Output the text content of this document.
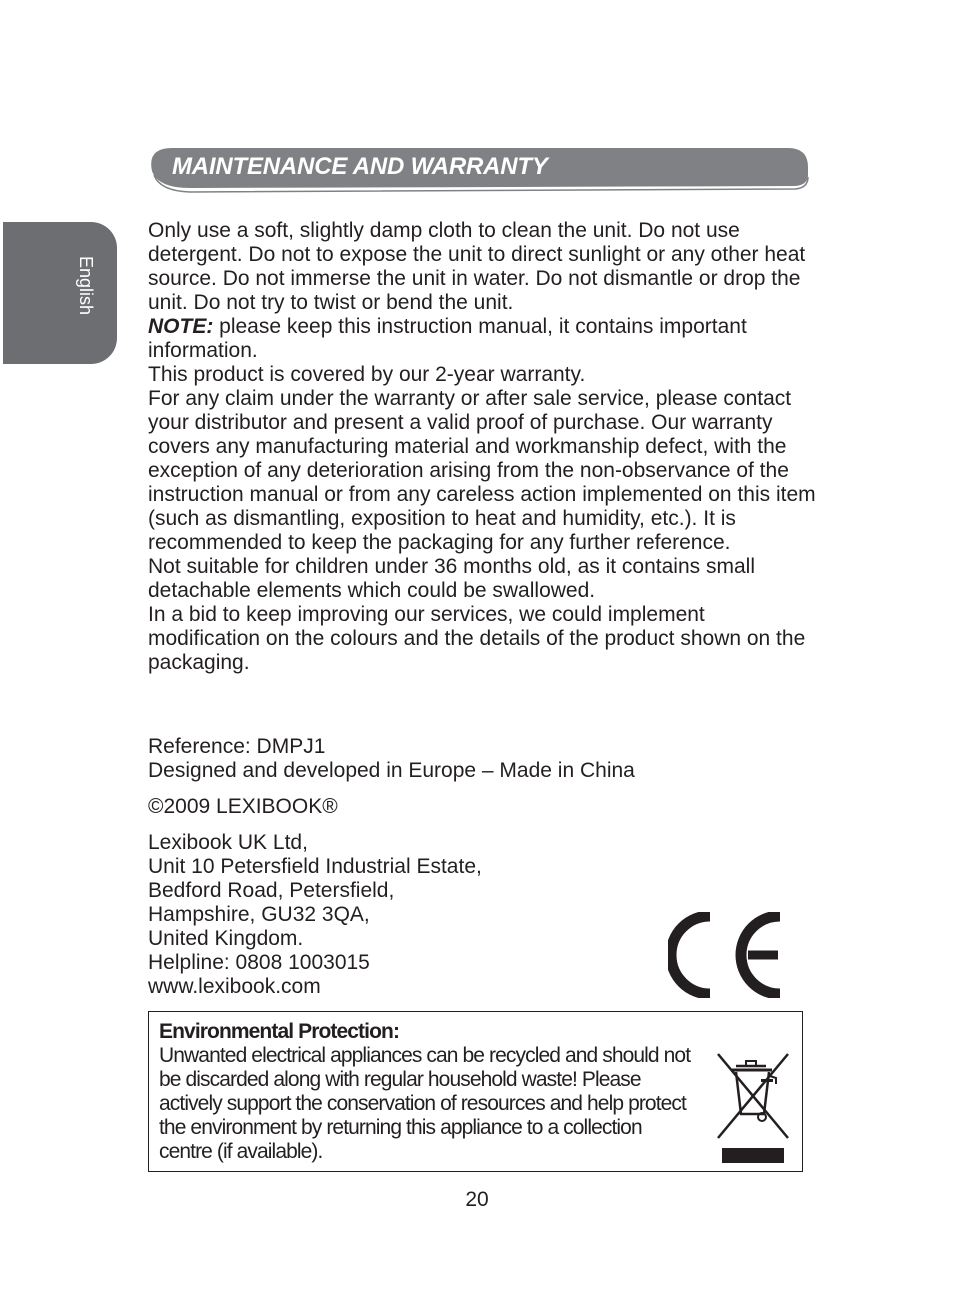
English
MAINTENANCE AND WARRANTY

Only use a soft, slightly damp cloth to clean the unit. Do not use detergent. Do not to expose the unit to direct sunlight or any other heat source. Do not immerse the unit in water. Do not dismantle or drop the unit. Do not try to twist or bend the unit.

NOTE: please keep this instruction manual, it contains important information.

This product is covered by our 2-year warranty.

For any claim under the warranty or after sale service, please contact your distributor and present a valid proof of purchase. Our warranty covers any manufacturing material and workmanship defect, with the exception of any deterioration arising from the non-observance of the instruction manual or from any careless action implemented on this item (such as dismantling, exposition to heat and humidity, etc.). It is recommended to keep the packaging for any further reference.

Not suitable for children under 36 months old, as it contains small detachable elements which could be swallowed.

In a bid to keep improving our services, we could implement modification on the colours and the details of the product shown on the packaging.

Reference: DMPJ1

Designed and developed in Europe – Made in China

©2009 LEXIBOOK®

Lexibook UK Ltd,

Unit 10 Petersfield Industrial Estate,

Bedford Road, Petersfield,

Hampshire, GU32 3QA,

United Kingdom.

Helpline: 0808 1003015

www.lexibook.com

Environmental Protection:

Unwanted electrical appliances can be recycled and should not be discarded along with regular household waste! Please actively support the conservation of resources and help protect the environment by returning this appliance to a collection centre (if available).

20
